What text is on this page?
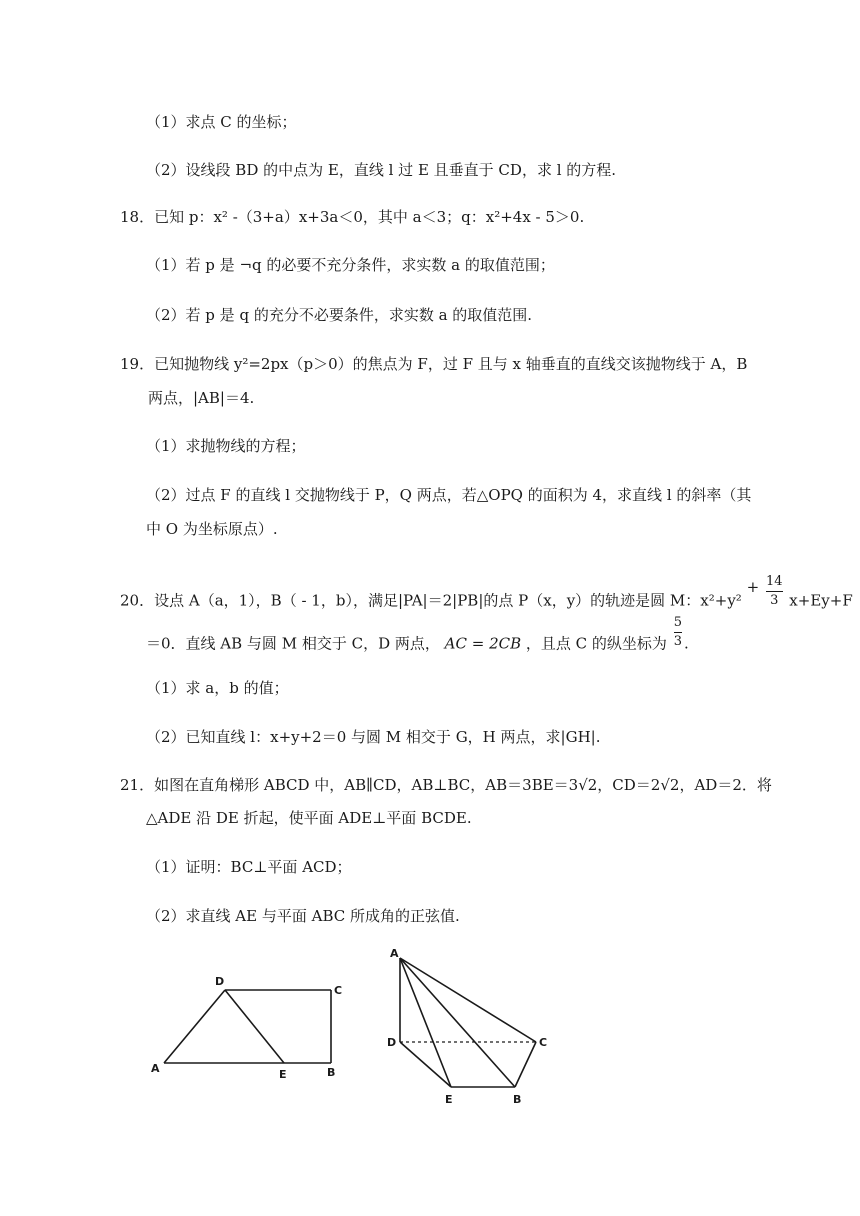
（1）求点 C 的坐标；
（2）设线段 BD 的中点为 E，直线 l 过 E 且垂直于 CD，求 l 的方程.
18．已知 p：x² ‑（3+a）x+3a＜0，其中 a＜3；q：x²+4x ‑ 5＞0.
（1）若 p 是 ¬q 的必要不充分条件，求实数 a 的取值范围；
（2）若 p 是 q 的充分不必要条件，求实数 a 的取值范围.
19．已知抛物线 y²=2px（p＞0）的焦点为 F，过 F 且与 x 轴垂直的直线交该抛物线于 A，B
两点，|AB|＝4.
（1）求抛物线的方程；
（2）过点 F 的直线 l 交抛物线于 P，Q 两点，若△OPQ 的面积为 4，求直线 l 的斜率（其
中 O 为坐标原点）.
20．设点 A（a，1），B（ ‑ 1，b），满足|PA|＝2|PB|的点 P（x，y）的轨迹是圆 M：$x^2+y^2 + \frac{14}{3} x+Ey+F$
＝0．直线 AB 与圆 M 相交于 C，D 两点， AC = 2CB ，且点 C 的纵坐标为 $\frac{5}{3}$ .
（1）求 a，b 的值；
（2）已知直线 l：x+y+2＝0 与圆 M 相交于 G，H 两点，求|GH|.
21．如图在直角梯形 ABCD 中，AB∥CD，AB⊥BC，AB＝3BE＝3√2，CD＝2√2，AD＝2．将
△ADE 沿 DE 折起，使平面 ADE⊥平面 BCDE.
（1）证明：BC⊥平面 ACD；
（2）求直线 AE 与平面 ABC 所成角的正弦值.
D
C
A	E	B
A
D	C
E	B
